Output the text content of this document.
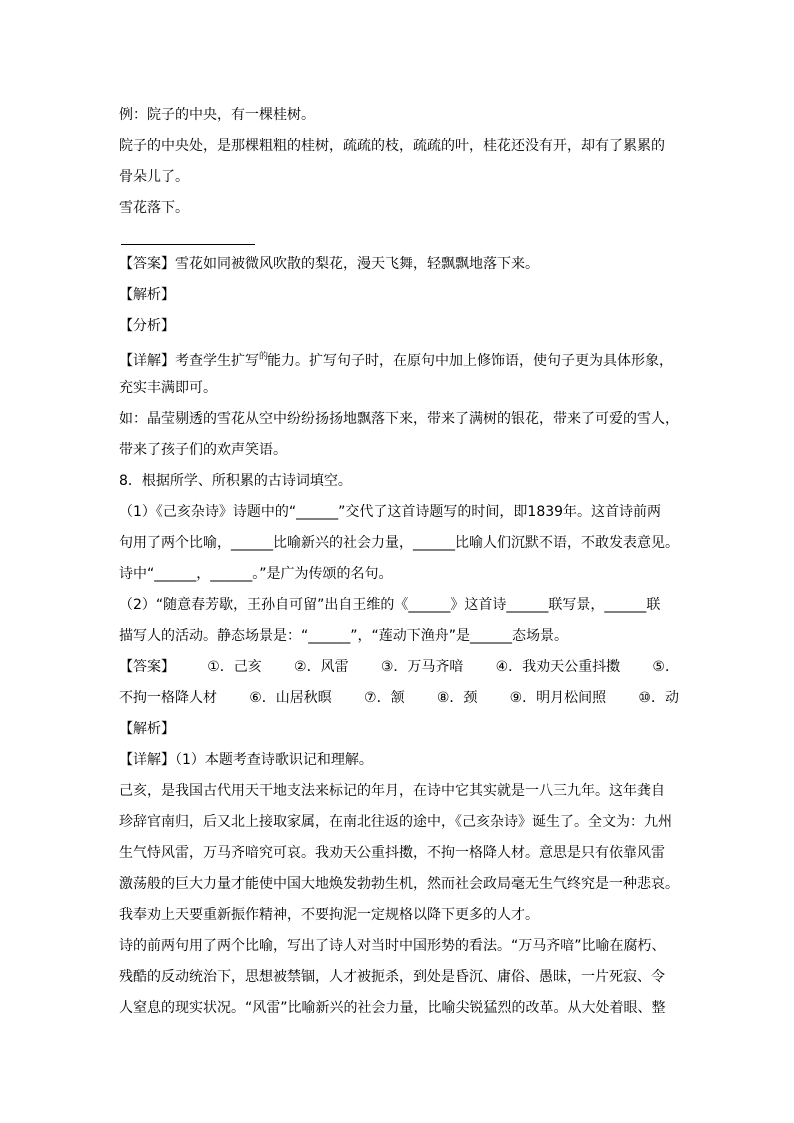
例：院子的中央，有一棵桂树。
院子的中央处，是那棵粗粗的桂树，疏疏的枝，疏疏的叶，桂花还没有开，却有了累累的
骨朵儿了。
雪花落下。
【答案】雪花如同被微风吹散的梨花，漫天飞舞，轻飘飘地落下来。
【解析】
【分析】
【详解】考查学生扩写$^的$能力。扩写句子时，在原句中加上修饰语，使句子更为具体形象，
充实丰满即可。
如：晶莹剔透的雪花从空中纷纷扬扬地飘落下来，带来了满树的银花，带来了可爱的雪人，
带来了孩子们的欢声笑语。
8．根据所学、所积累的古诗词填空。
（1）《己亥杂诗》诗题中的“______”交代了这首诗题写的时间，即1839年。这首诗前两
句用了两个比喻，______比喻新兴的社会力量，______比喻人们沉默不语，不敢发表意见。
诗中“______，______。”是广为传颂的名句。
（2）“随意春芳歇，王孙自可留”出自王维的《______》这首诗______联写景，______联
描写人的活动。静态场景是：“______”，“莲动下渔舟”是______态场景。
【答案】 ①．己亥 ②．风雷 ③．万马齐喑 ④．我劝天公重抖擞 ⑤．
不拘一格降人材 ⑥．山居秋暝 ⑦．颔 ⑧．颈 ⑨．明月松间照 ⑩．动
【解析】
【详解】（1）本题考查诗歌识记和理解。
己亥，是我国古代用天干地支法来标记的年月，在诗中它其实就是一八三九年。这年龚自
珍辞官南归，后又北上接取家属，在南北往返的途中，《己亥杂诗》诞生了。全文为：九州
生气恃风雷，万马齐喑究可哀。我劝天公重抖擞，不拘一格降人材。意思是只有依靠风雷
激荡般的巨大力量才能使中国大地焕发勃勃生机，然而社会政局毫无生气终究是一种悲哀。
我奉劝上天要重新振作精神，不要拘泥一定规格以降下更多的人才。
诗的前两句用了两个比喻，写出了诗人对当时中国形势的看法。“万马齐喑”比喻在腐朽、
残酷的反动统治下，思想被禁锢，人才被扼杀，到处是昏沉、庸俗、愚昧，一片死寂、令
人窒息的现实状况。“风雷”比喻新兴的社会力量，比喻尖锐猛烈的改革。从大处着眼、整
